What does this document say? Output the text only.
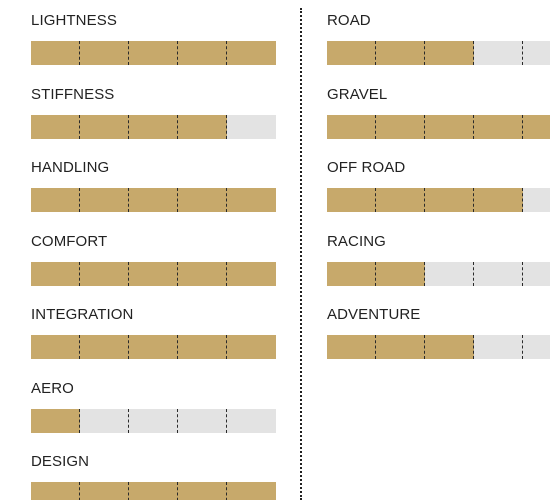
LIGHTNESS
STIFFNESS
HANDLING
COMFORT
INTEGRATION
AERO
DESIGN
ROAD
GRAVEL
OFF ROAD
RACING
ADVENTURE
